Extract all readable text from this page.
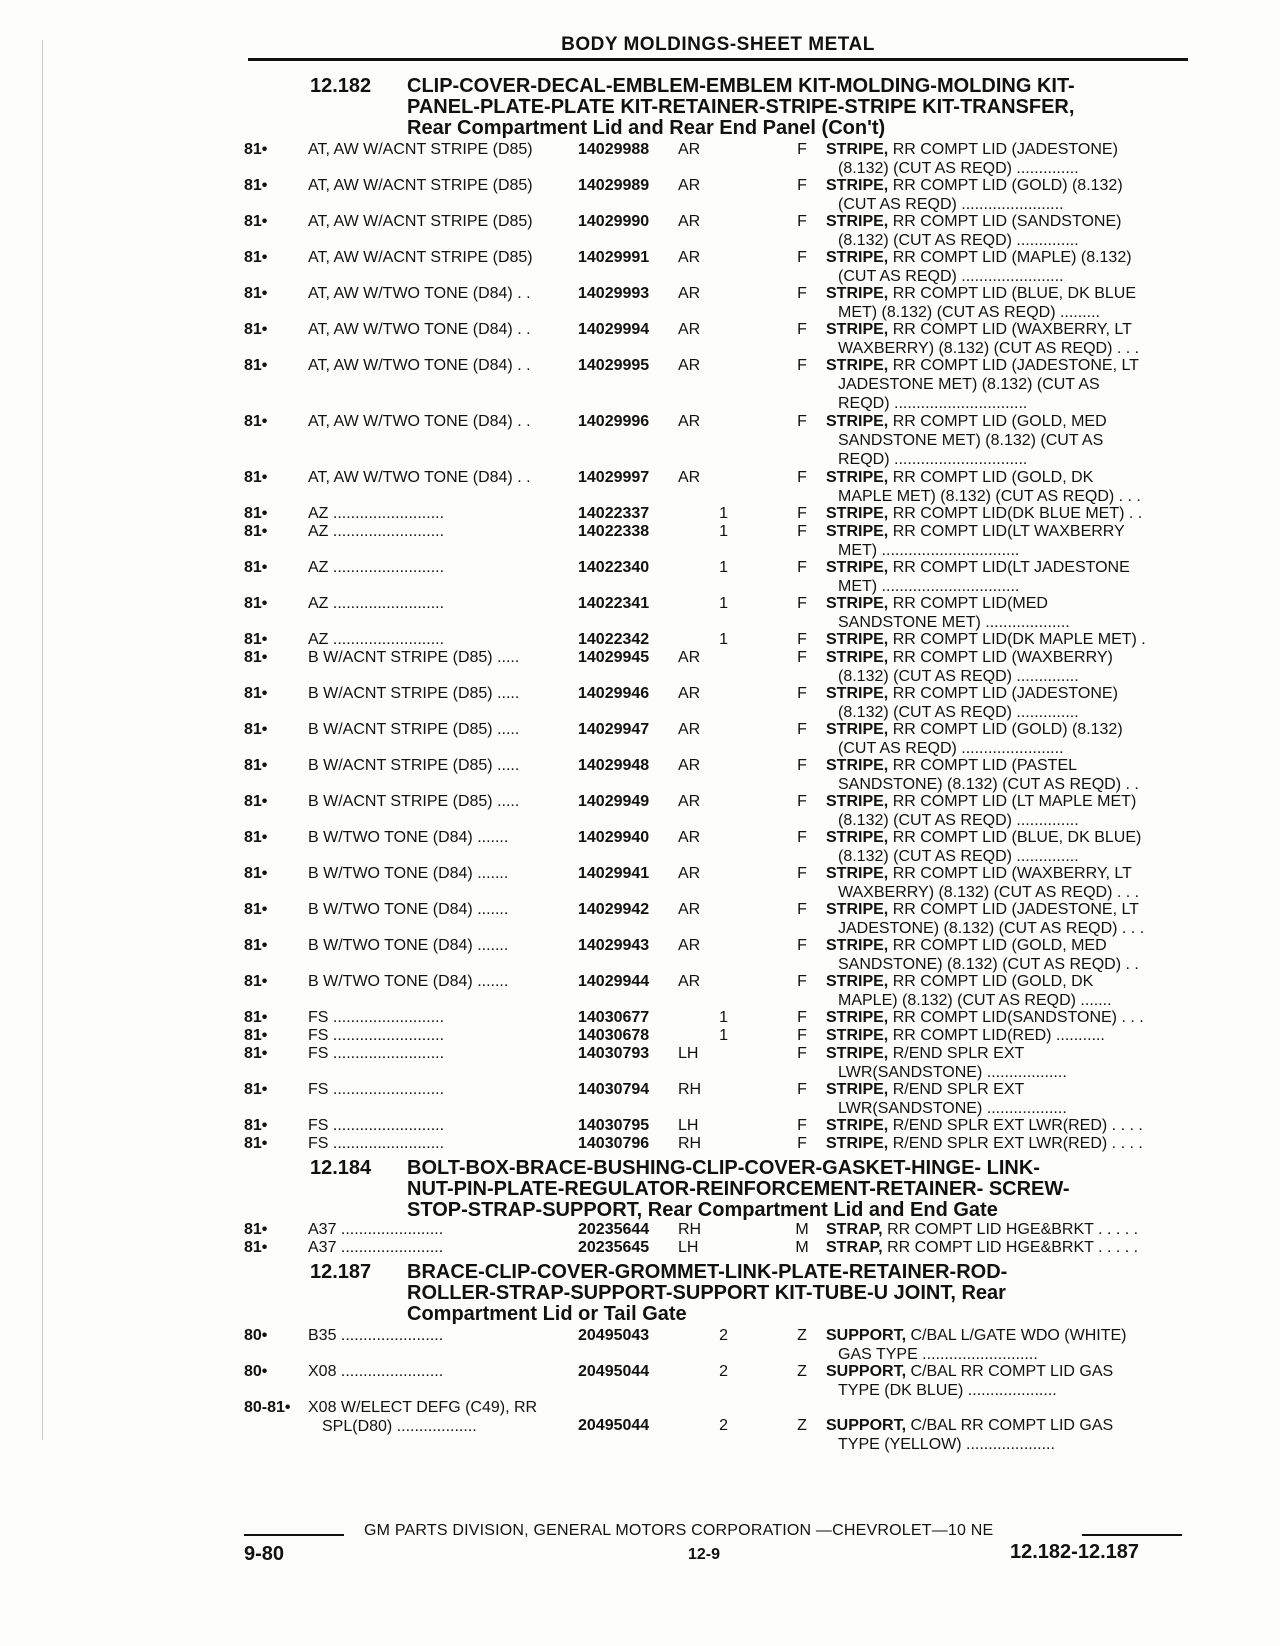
BODY MOLDINGS-SHEET METAL
12.182 CLIP-COVER-DECAL-EMBLEM-EMBLEM KIT-MOLDING-MOLDING KIT-
PANEL-PLATE-PLATE KIT-RETAINER-STRIPE-STRIPE KIT-TRANSFER,
Rear Compartment Lid and Rear End Panel (Con't)
81•	AT, AW W/ACNT STRIPE (D85)	14029988 AR	F	STRIPE, RR COMPT LID (JADESTONE)
(8.132) (CUT AS REQD) ..............
81•	AT, AW W/ACNT STRIPE (D85)	14029989 AR	F	STRIPE, RR COMPT LID (GOLD) (8.132)
(CUT AS REQD) .......................
81•	AT, AW W/ACNT STRIPE (D85)	14029990 AR	F	STRIPE, RR COMPT LID (SANDSTONE)
(8.132) (CUT AS REQD) ..............
81•	AT, AW W/ACNT STRIPE (D85)	14029991 AR	F	STRIPE, RR COMPT LID (MAPLE) (8.132)
(CUT AS REQD) .......................
81•	AT, AW W/TWO TONE (D84) . .	14029993 AR	F	STRIPE, RR COMPT LID (BLUE, DK BLUE
MET) (8.132) (CUT AS REQD) .........
81•	AT, AW W/TWO TONE (D84) . .	14029994 AR	F	STRIPE, RR COMPT LID (WAXBERRY, LT
WAXBERRY) (8.132) (CUT AS REQD) . . .
81•	AT, AW W/TWO TONE (D84) . .	14029995 AR	F	STRIPE, RR COMPT LID (JADESTONE, LT
JADESTONE MET) (8.132) (CUT AS
REQD) ..............................
81•	AT, AW W/TWO TONE (D84) . .	14029996 AR	F	STRIPE, RR COMPT LID (GOLD, MED
SANDSTONE MET) (8.132) (CUT AS
REQD) ..............................
81•	AT, AW W/TWO TONE (D84) . .	14029997 AR	F	STRIPE, RR COMPT LID (GOLD, DK
MAPLE MET) (8.132) (CUT AS REQD) . . .
81•	AZ .........................	14022337	1	F	STRIPE, RR COMPT LID(DK BLUE MET) . .
81•	AZ .........................	14022338	1	F	STRIPE, RR COMPT LID(LT WAXBERRY
MET) ...............................
81•	AZ .........................	14022340	1	F	STRIPE, RR COMPT LID(LT JADESTONE
MET) ...............................
81•	AZ .........................	14022341	1	F	STRIPE, RR COMPT LID(MED
SANDSTONE MET) ...................
81•	AZ .........................	14022342	1	F	STRIPE, RR COMPT LID(DK MAPLE MET) .
81•	B W/ACNT STRIPE (D85) .....	14029945 AR	F	STRIPE, RR COMPT LID (WAXBERRY)
(8.132) (CUT AS REQD) ..............
81•	B W/ACNT STRIPE (D85) .....	14029946 AR	F	STRIPE, RR COMPT LID (JADESTONE)
(8.132) (CUT AS REQD) ..............
81•	B W/ACNT STRIPE (D85) .....	14029947 AR	F	STRIPE, RR COMPT LID (GOLD) (8.132)
(CUT AS REQD) .......................
81•	B W/ACNT STRIPE (D85) .....	14029948 AR	F	STRIPE, RR COMPT LID (PASTEL
SANDSTONE) (8.132) (CUT AS REQD) . .
81•	B W/ACNT STRIPE (D85) .....	14029949 AR	F	STRIPE, RR COMPT LID (LT MAPLE MET)
(8.132) (CUT AS REQD) ..............
81•	B W/TWO TONE (D84) .......	14029940 AR	F	STRIPE, RR COMPT LID (BLUE, DK BLUE)
(8.132) (CUT AS REQD) ..............
81•	B W/TWO TONE (D84) .......	14029941 AR	F	STRIPE, RR COMPT LID (WAXBERRY, LT
WAXBERRY) (8.132) (CUT AS REQD) . . .
81•	B W/TWO TONE (D84) .......	14029942 AR	F	STRIPE, RR COMPT LID (JADESTONE, LT
JADESTONE) (8.132) (CUT AS REQD) . . .
81•	B W/TWO TONE (D84) .......	14029943 AR	F	STRIPE, RR COMPT LID (GOLD, MED
SANDSTONE) (8.132) (CUT AS REQD) . .
81•	B W/TWO TONE (D84) .......	14029944 AR	F	STRIPE, RR COMPT LID (GOLD, DK
MAPLE) (8.132) (CUT AS REQD) .......
81•	FS .........................	14030677	1	F	STRIPE, RR COMPT LID(SANDSTONE) . . .
81•	FS .........................	14030678	1	F	STRIPE, RR COMPT LID(RED) ...........
81•	FS .........................	14030793 LH	F	STRIPE, R/END SPLR EXT
LWR(SANDSTONE) ..................
81•	FS .........................	14030794 RH	F	STRIPE, R/END SPLR EXT
LWR(SANDSTONE) ..................
81•	FS .........................	14030795 LH	F	STRIPE, R/END SPLR EXT LWR(RED) . . . .
81•	FS .........................	14030796 RH	F	STRIPE, R/END SPLR EXT LWR(RED) . . . .
12.184 BOLT-BOX-BRACE-BUSHING-CLIP-COVER-GASKET-HINGE- LINK-
NUT-PIN-PLATE-REGULATOR-REINFORCEMENT-RETAINER- SCREW-
STOP-STRAP-SUPPORT, Rear Compartment Lid and End Gate
81•	A37 .......................	20235644 RH	M STRAP, RR COMPT LID HGE&BRKT . . . . .
81•	A37 .......................	20235645 LH	M STRAP, RR COMPT LID HGE&BRKT . . . . .
12.187 BRACE-CLIP-COVER-GROMMET-LINK-PLATE-RETAINER-ROD-
ROLLER-STRAP-SUPPORT-SUPPORT KIT-TUBE-U JOINT, Rear
Compartment Lid or Tail Gate
80•	B35 .......................	20495043	2	Z	SUPPORT, C/BAL L/GATE WDO (WHITE)
GAS TYPE ..........................
80•	X08 .......................	20495044	2	Z	SUPPORT, C/BAL RR COMPT LID GAS
TYPE (DK BLUE) ....................
80-81•	X08 W/ELECT DEFG (C49), RR
SPL(D80) ..................	20495044	2	Z	SUPPORT, C/BAL RR COMPT LID GAS
TYPE (YELLOW) ....................
GM PARTS DIVISION, GENERAL MOTORS CORPORATION —CHEVROLET—10 NE
9-80	12-9	12.182-12.187
